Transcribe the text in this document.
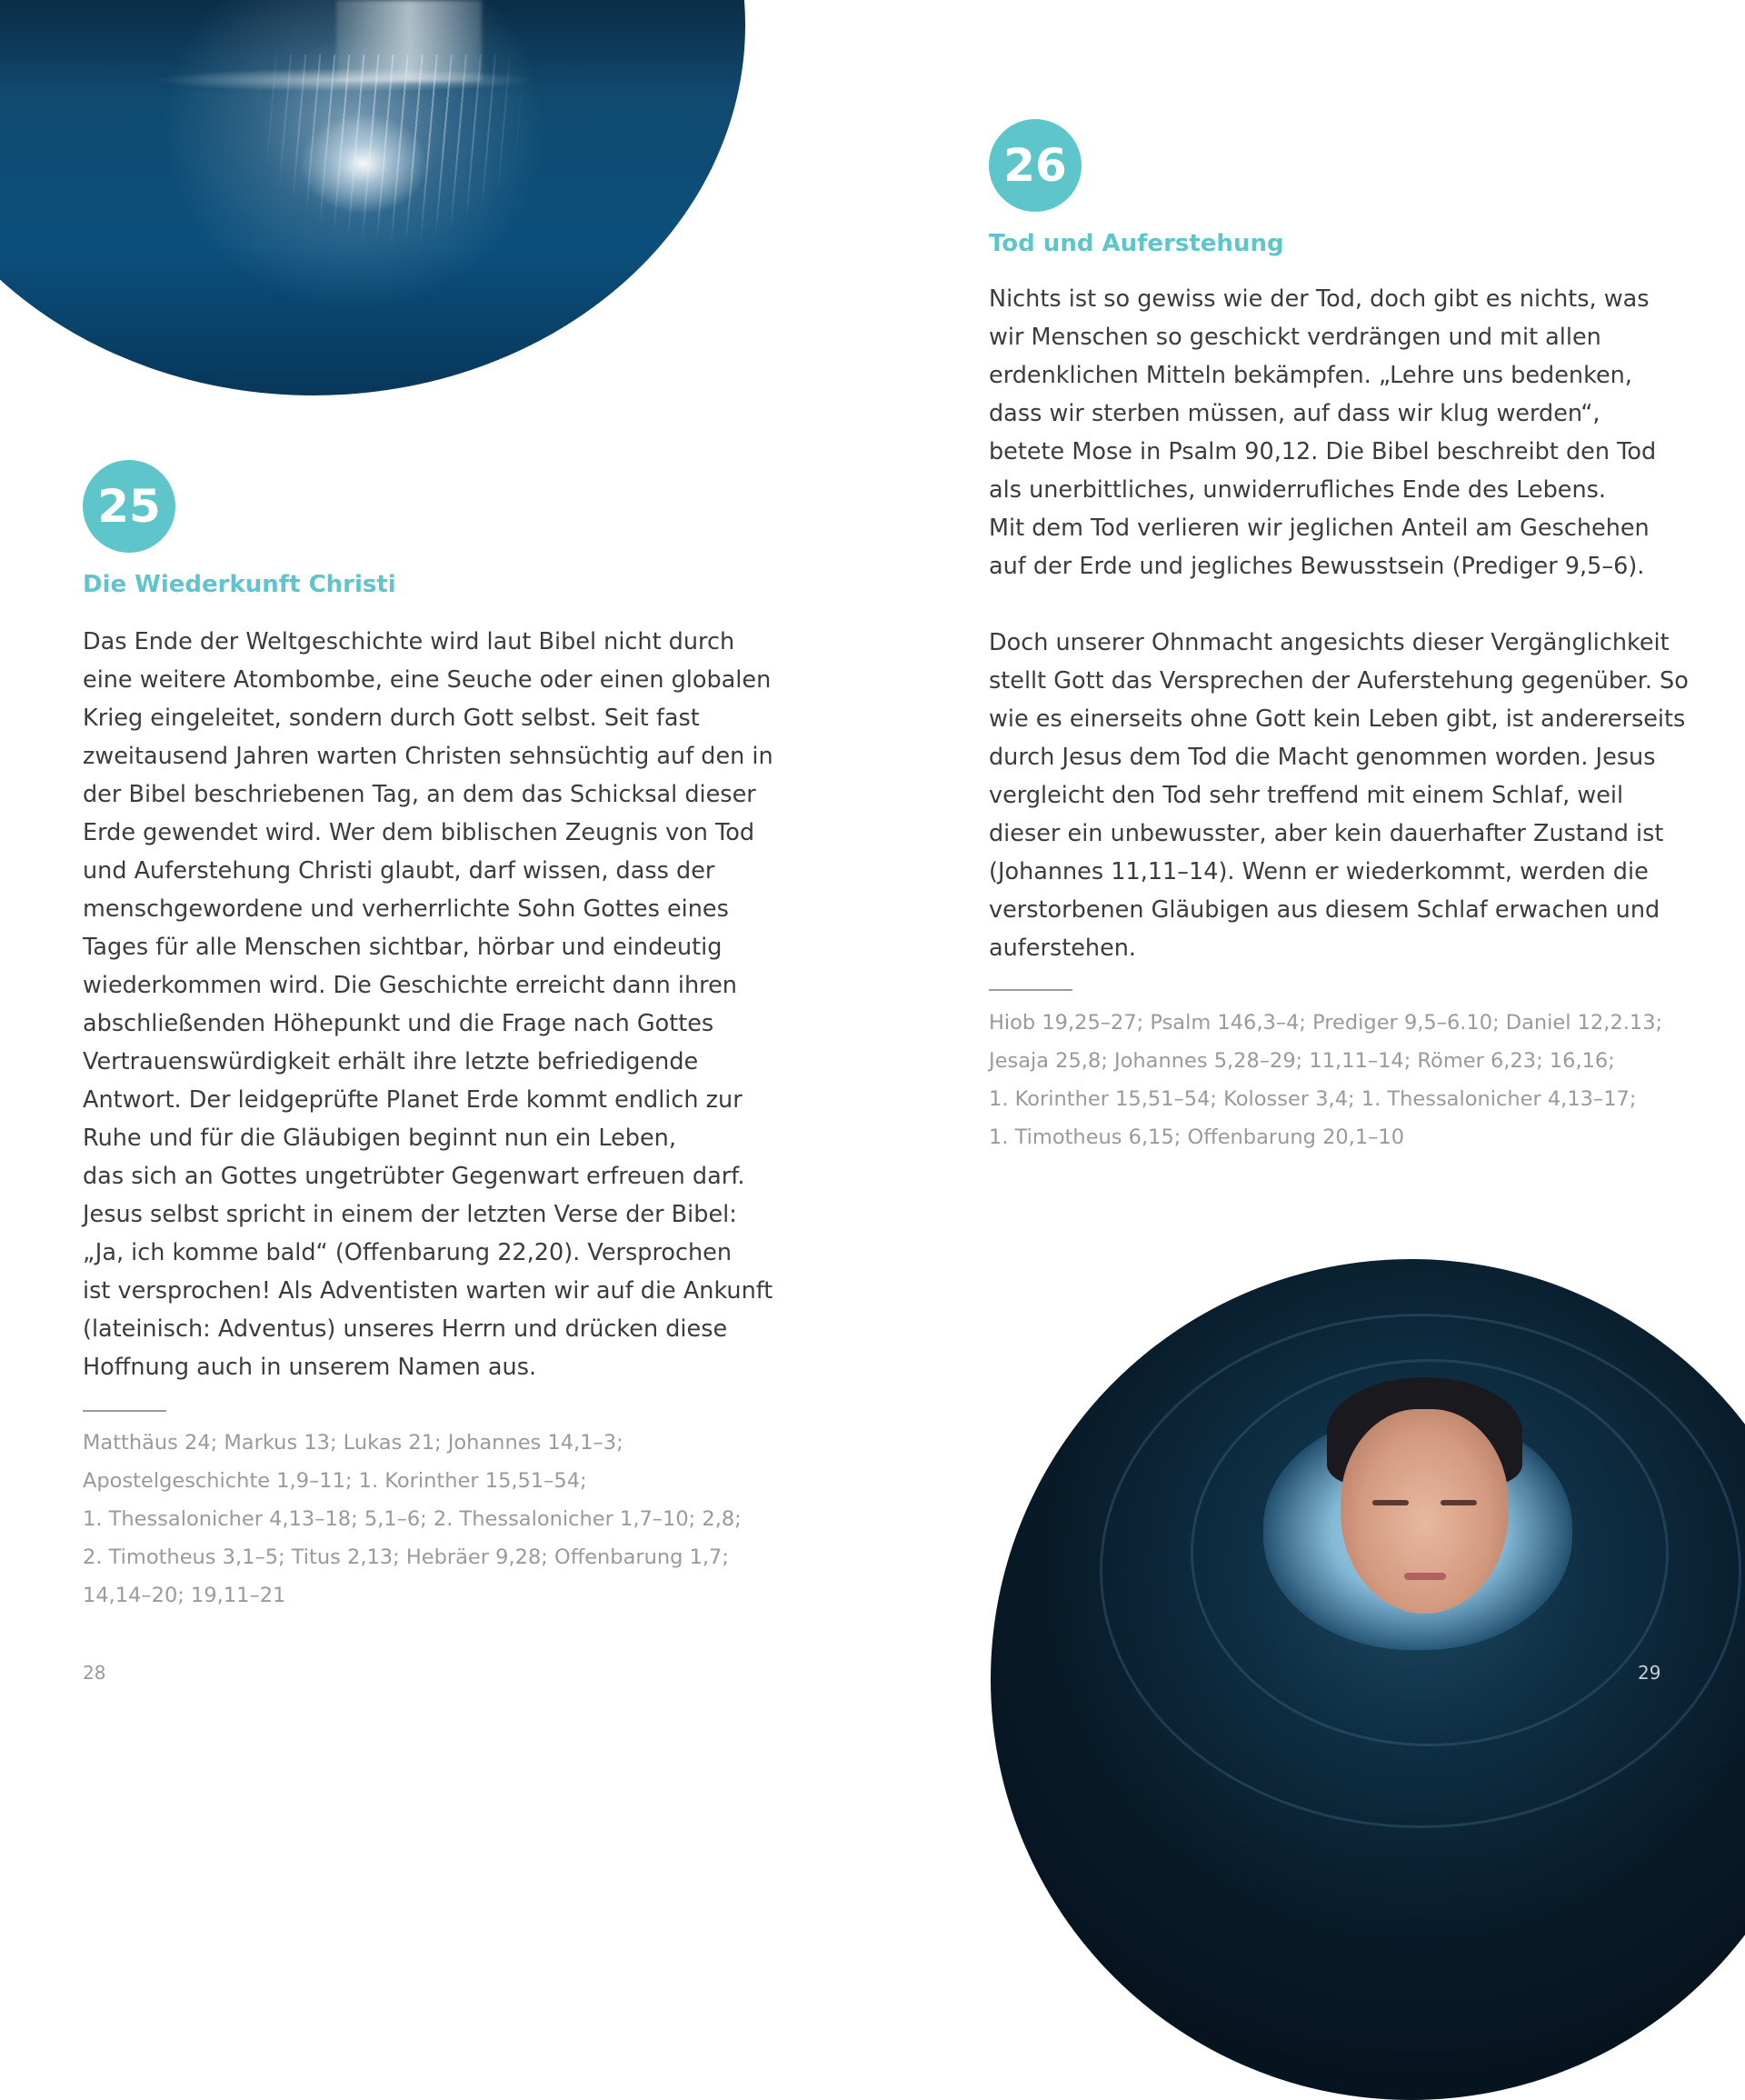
25
Die Wiederkunft Christi
Das Ende der Weltgeschichte wird laut Bibel nicht durch
eine weitere Atombombe, eine Seuche oder einen globalen
Krieg eingeleitet, sondern durch Gott selbst. Seit fast
zweitausend Jahren warten Christen sehnsüchtig auf den in
der Bibel beschriebenen Tag, an dem das Schicksal dieser
Erde gewendet wird. Wer dem biblischen Zeugnis von Tod
und Auferstehung Christi glaubt, darf wissen, dass der
menschgewordene und verherrlichte Sohn Gottes eines
Tages für alle Menschen sichtbar, hörbar und eindeutig
wiederkommen wird. Die Geschichte erreicht dann ihren
abschließenden Höhepunkt und die Frage nach Gottes
Vertrauenswürdigkeit erhält ihre letzte befriedigende
Antwort. Der leidgeprüfte Planet Erde kommt endlich zur
Ruhe und für die Gläubigen beginnt nun ein Leben,
das sich an Gottes ungetrübter Gegenwart erfreuen darf.
Jesus selbst spricht in einem der letzten Verse der Bibel:
„Ja, ich komme bald“ (Offenbarung 22,20). Versprochen
ist versprochen! Als Adventisten warten wir auf die Ankunft
(lateinisch: Adventus) unseres Herrn und drücken diese
Hoffnung auch in unserem Namen aus.
Matthäus 24; Markus 13; Lukas 21; Johannes 14,1–3;
Apostelgeschichte 1,9–11; 1. Korinther 15,51–54;
1. Thessalonicher 4,13–18; 5,1–6; 2. Thessalonicher 1,7–10; 2,8;
2. Timotheus 3,1–5; Titus 2,13; Hebräer 9,28; Offenbarung 1,7;
14,14–20; 19,11–21
28
26
Tod und Auferstehung
Nichts ist so gewiss wie der Tod, doch gibt es nichts, was
wir Menschen so geschickt verdrängen und mit allen
erdenklichen Mitteln bekämpfen. „Lehre uns bedenken,
dass wir sterben müssen, auf dass wir klug werden“,
betete Mose in Psalm 90,12. Die Bibel beschreibt den Tod
als unerbittliches, unwiderrufliches Ende des Lebens.
Mit dem Tod verlieren wir jeglichen Anteil am Geschehen
auf der Erde und jegliches Bewusstsein (Prediger 9,5–6).

Doch unserer Ohnmacht angesichts dieser Vergänglichkeit
stellt Gott das Versprechen der Auferstehung gegenüber. So
wie es einerseits ohne Gott kein Leben gibt, ist andererseits
durch Jesus dem Tod die Macht genommen worden. Jesus
vergleicht den Tod sehr treffend mit einem Schlaf, weil
dieser ein unbewusster, aber kein dauerhafter Zustand ist
(Johannes 11,11–14). Wenn er wiederkommt, werden die
verstorbenen Gläubigen aus diesem Schlaf erwachen und
auferstehen.
Hiob 19,25–27; Psalm 146,3–4; Prediger 9,5–6.10; Daniel 12,2.13;
Jesaja 25,8; Johannes 5,28–29; 11,11–14; Römer 6,23; 16,16;
1. Korinther 15,51–54; Kolosser 3,4; 1. Thessalonicher 4,13–17;
1. Timotheus 6,15; Offenbarung 20,1–10
29
